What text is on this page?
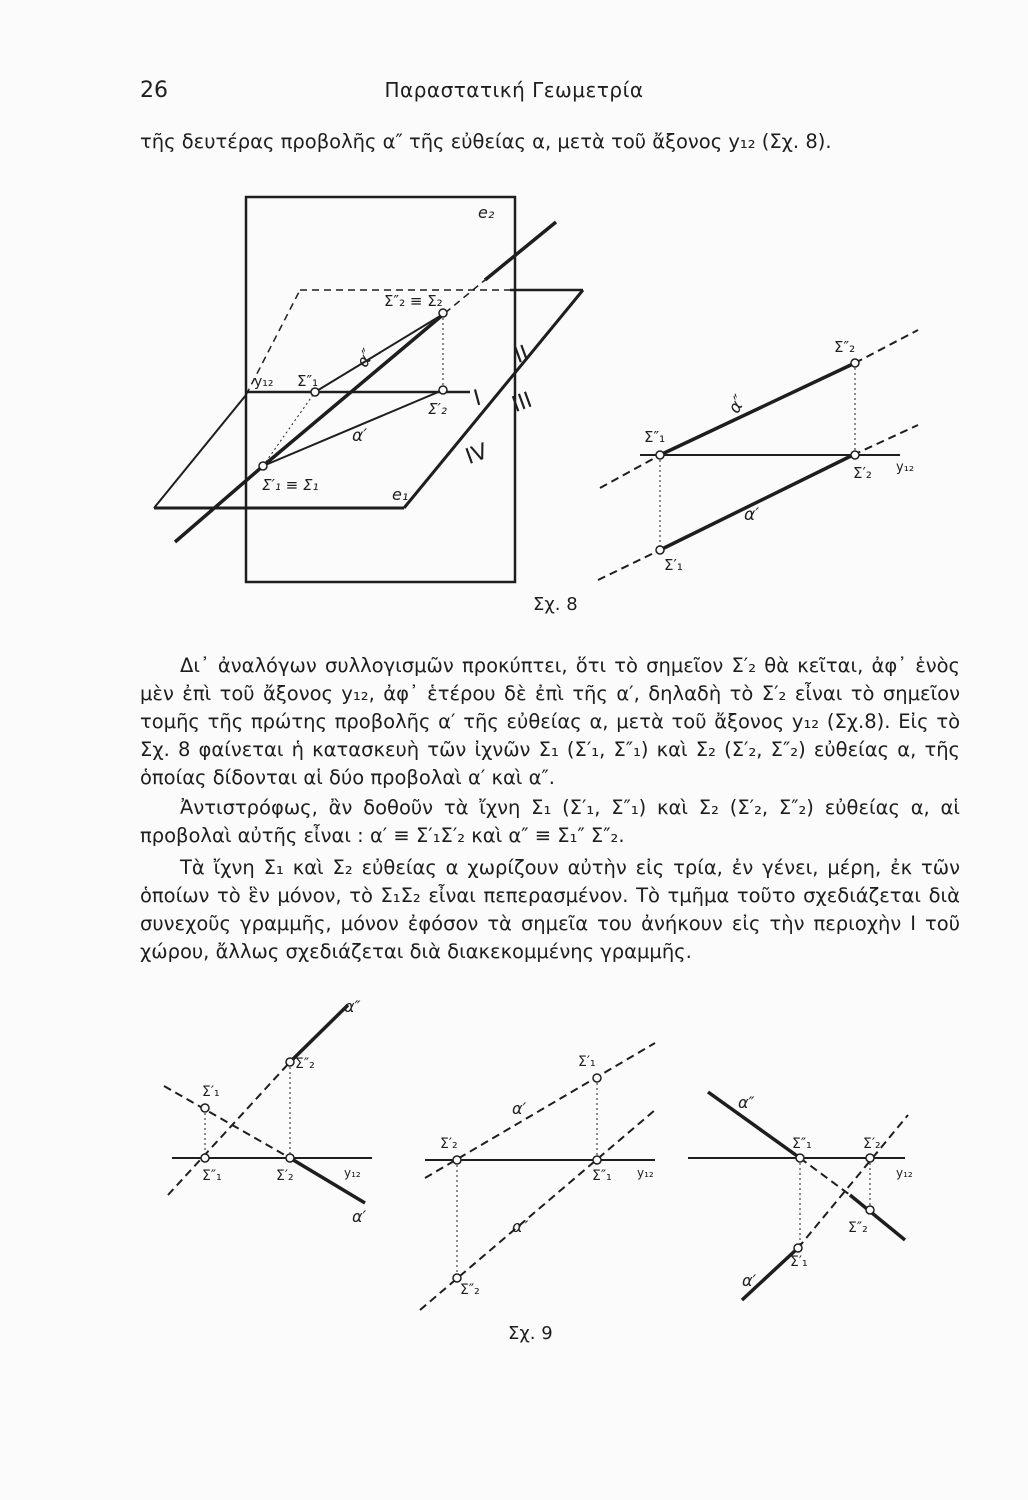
26	Παραστατική Γεωμετρία
τῆς δευτέρας προβολῆς α″ τῆς εὐθείας α, μετὰ τοῦ ἄξονος y₁₂ (Σχ. 8).
e₂
e₁
y₁₂
Σ″₂ ≡ Σ₂
Σ″₁
Σ′₂
Σ′₁ ≡ Σ₁
α″
α′
II
I III
IV
Σ″₂
Σ″₁
Σ′₂
Σ′₁
y₁₂
α″
α′
α″
Σ″₂
Σ′₁
Σ″₁	Σ′₂	y₁₂
α′
Σ′₁
α′
Σ′₂
Σ″₁ y₁₂
α″
Σ″₂
α″
Σ″₁	Σ′₂
y₁₂
Σ″₂
Σ′₁
α′
Σχ. 8
Δι᾽ ἀναλόγων συλλογισμῶν προκύπτει, ὅτι τὸ σημεῖον Σ′₂ θὰ κεῖται, ἀφ᾽ ἑνὸς μὲν ἐπὶ τοῦ ἄξονος y₁₂, ἀφ᾽ ἑτέρου δὲ ἐπὶ τῆς α′, δηλαδὴ τὸ Σ′₂ εἶναι τὸ σημεῖον τομῆς τῆς πρώτης προβολῆς α′ τῆς εὐθείας α, μετὰ τοῦ ἄξονος y₁₂ (Σχ.8). Εἰς τὸ Σχ. 8 φαίνεται ἡ κατασκευὴ τῶν ἰχνῶν Σ₁ (Σ′₁, Σ″₁) καὶ Σ₂ (Σ′₂, Σ″₂) εὐθείας α, τῆς ὁποίας δίδονται αἱ δύο προβολαὶ α′ καὶ α″.
Ἀντιστρόφως, ἂν δοθοῦν τὰ ἴχνη Σ₁ (Σ′₁, Σ″₁) καὶ Σ₂ (Σ′₂, Σ″₂) εὐθείας α, αἱ προβολαὶ αὐτῆς εἶναι : α′ ≡ Σ′₁Σ′₂ καὶ α″ ≡ Σ₁″ Σ″₂.
Τὰ ἴχνη Σ₁ καὶ Σ₂ εὐθείας α χωρίζουν αὐτὴν εἰς τρία, ἐν γένει, μέρη, ἐκ τῶν ὁποίων τὸ ἓν μόνον, τὸ Σ₁Σ₂ εἶναι πεπερασμένον. Τὸ τμῆμα τοῦτο σχεδιάζεται διὰ συνεχοῦς γραμμῆς, μόνον ἐφόσον τὰ σημεῖα του ἀνήκουν εἰς τὴν περιοχὴν I τοῦ χώρου, ἄλλως σχεδιάζεται διὰ διακεκομμένης γραμμῆς.
Σχ. 9
